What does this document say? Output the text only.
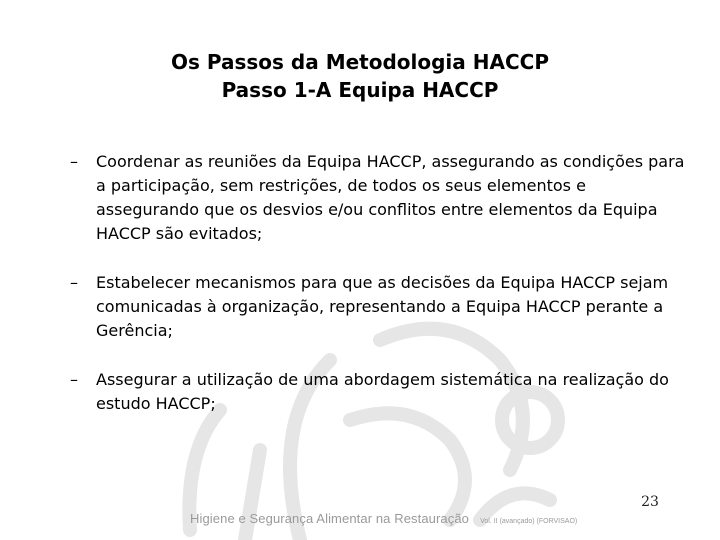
Os Passos da Metodologia HACCP
Passo 1-A Equipa HACCP
– Coordenar as reuniões da Equipa HACCP, assegurando as condições para a participação, sem restrições, de todos os seus elementos e assegurando que os desvios e/ou conflitos entre elementos da Equipa HACCP são evitados;
– Estabelecer mecanismos para que as decisões da Equipa HACCP sejam comunicadas à organização, representando a Equipa HACCP perante a Gerência;
– Assegurar a utilização de uma abordagem sistemática na realização do estudo HACCP;
23
Higiene e Segurança Alimentar na Restauração Vol. II (avançado) (FORVISAO)
